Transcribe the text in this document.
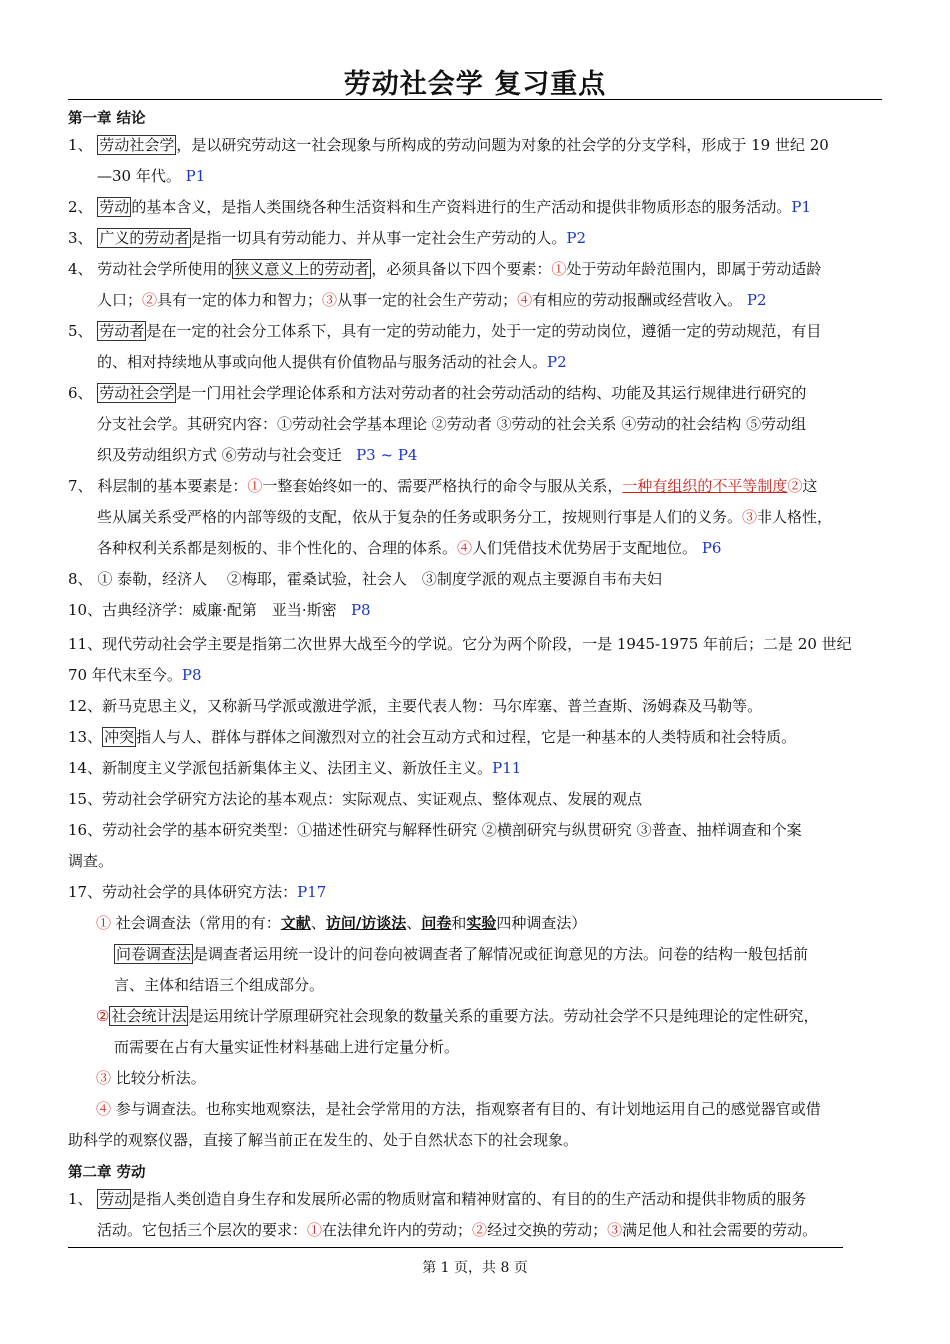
劳动社会学 复习重点
第一章 结论
1、 劳动社会学 ，是以研究劳动这一社会现象与所构成的劳动问题为对象的社会学的分支学科，形成于 19 世纪 20
—30 年代。 P1
2、 劳动 的基本含义，是指人类围绕各种生活资料和生产资料进行的生产活动和提供非物质形态的服务活动。P1
3、 广义的劳动者 是指一切具有劳动能力、并从事一定社会生产劳动的人。P2
4、 劳动社会学所使用的 狭义意义上的劳动者 ，必须具备以下四个要素：①处于劳动年龄范围内，即属于劳动适龄
人口；②具有一定的体力和智力；③从事一定的社会生产劳动；④有相应的劳动报酬或经营收入。 P2
5、 劳动者 是在一定的社会分工体系下，具有一定的劳动能力，处于一定的劳动岗位，遵循一定的劳动规范，有目
的、相对持续地从事或向他人提供有价值物品与服务活动的社会人。P2
6、 劳动社会学 是一门用社会学理论体系和方法对劳动者的社会劳动活动的结构、功能及其运行规律进行研究的
分支社会学。其研究内容：①劳动社会学基本理论 ②劳动者 ③劳动的社会关系 ④劳动的社会结构 ⑤劳动组
织及劳动组织方式 ⑥劳动与社会变迁 P3 ~ P4
7、 科层制的基本要素是：①一整套始终如一的、需要严格执行的命令与服从关系，一种有组织的不平等制度②这
些从属关系受严格的内部等级的支配，依从于复杂的任务或职务分工，按规则行事是人们的义务。③非人格性，
各种权利关系都是刻板的、非个性化的、合理的体系。④人们凭借技术优势居于支配地位。 P6
8、 ① 泰勒，经济人　 ②梅耶，霍桑试验，社会人　③制度学派的观点主要源自韦布夫妇
10、古典经济学：威廉·配第　亚当·斯密 P8
11、现代劳动社会学主要是指第二次世界大战至今的学说。它分为两个阶段，一是 1945-1975 年前后；二是 20 世纪
70 年代末至今。P8
12、新马克思主义，又称新马学派或激进学派，主要代表人物：马尔库塞、普兰查斯、汤姆森及马勒等。
13、 冲突 指人与人、群体与群体之间激烈对立的社会互动方式和过程，它是一种基本的人类特质和社会特质。
14、新制度主义学派包括新集体主义、法团主义、新放任主义。P11
15、劳动社会学研究方法论的基本观点：实际观点、实证观点、整体观点、发展的观点
16、劳动社会学的基本研究类型：①描述性研究与解释性研究 ②横剖研究与纵贯研究 ③普查、抽样调查和个案
调查。
17、劳动社会学的具体研究方法：P17
① 社会调查法（常用的有：文献、访问/访谈法、问卷和实验四种调查法）
问卷调查法 是调查者运用统一设计的问卷向被调查者了解情况或征询意见的方法。问卷的结构一般包括前
言、主体和结语三个组成部分。
② 社会统计法 是运用统计学原理研究社会现象的数量关系的重要方法。劳动社会学不只是纯理论的定性研究，
而需要在占有大量实证性材料基础上进行定量分析。
③ 比较分析法。
④ 参与调查法。也称实地观察法，是社会学常用的方法，指观察者有目的、有计划地运用自己的感觉器官或借
助科学的观察仪器，直接了解当前正在发生的、处于自然状态下的社会现象。
第二章 劳动
1、 劳动 是指人类创造自身生存和发展所必需的物质财富和精神财富的、有目的的生产活动和提供非物质的服务
活动。它包括三个层次的要求：①在法律允许内的劳动；②经过交换的劳动；③满足他人和社会需要的劳动。
第 1 页，共 8 页
